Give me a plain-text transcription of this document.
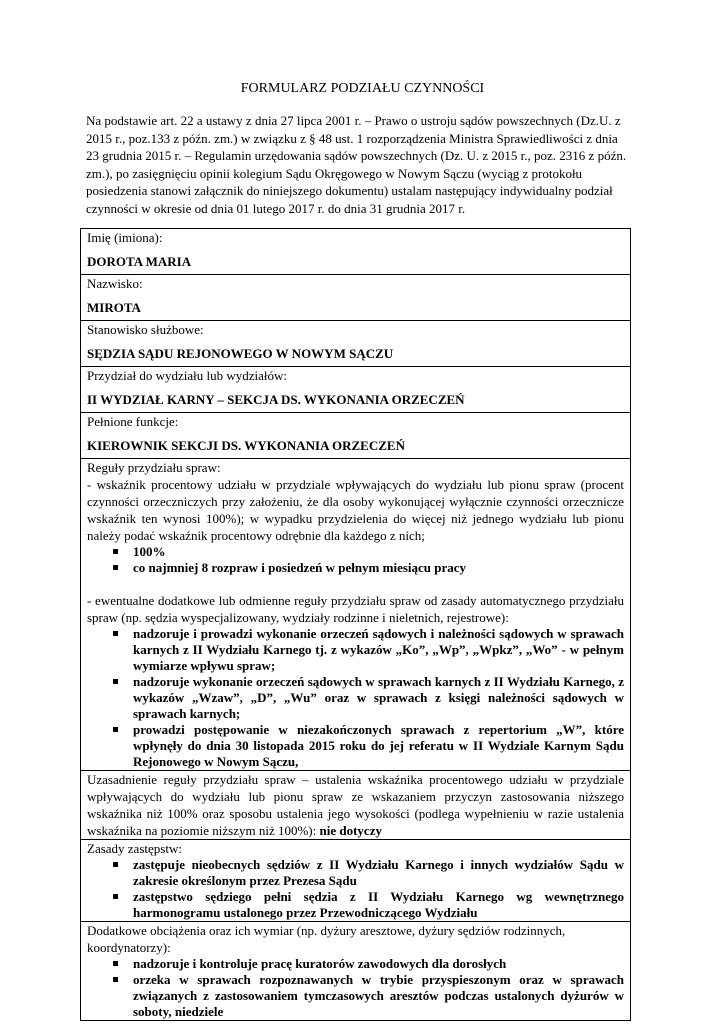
FORMULARZ PODZIAŁU CZYNNOŚCI
Na podstawie art. 22 a ustawy z dnia 27 lipca 2001 r. – Prawo o ustroju sądów powszechnych (Dz.U. z 2015 r., poz.133 z późn. zm.) w związku z § 48 ust. 1 rozporządzenia Ministra Sprawiedliwości z dnia 23 grudnia 2015 r. – Regulamin urzędowania sądów powszechnych (Dz. U. z 2015 r., poz. 2316 z późn. zm.), po zasięgnięciu opinii kolegium Sądu Okręgowego w Nowym Sączu (wyciąg z protokołu posiedzenia stanowi załącznik do niniejszego dokumentu) ustalam następujący indywidualny podział czynności w okresie od dnia 01 lutego 2017 r. do dnia 31 grudnia 2017 r.
Imię (imiona):
DOROTA MARIA

Nazwisko:
MIROTA

Stanowisko służbowe:
SĘDZIA SĄDU REJONOWEGO W NOWYM SĄCZU

Przydział do wydziału lub wydziałów:
II WYDZIAŁ KARNY – SEKCJA DS. WYKONANIA ORZECZEŃ

Pełnione funkcje:
KIEROWNIK SEKCJI DS. WYKONANIA ORZECZEŃ

Reguły przydziału spraw:
- wskaźnik procentowy udziału w przydziale wpływających do wydziału lub pionu spraw (procent czynności orzeczniczych przy założeniu, że dla osoby wykonującej wyłącznie czynności orzecznicze wskaźnik ten wynosi 100%); w wypadku przydzielenia do więcej niż jednego wydziału lub pionu należy podać wskaźnik procentowy odrębnie dla każdego z nich;
100%
co najmniej 8 rozpraw i posiedzeń w pełnym miesiącu pracy
- ewentualne dodatkowe lub odmienne reguły przydziału spraw od zasady automatycznego przydziału spraw (np. sędzia wyspecjalizowany, wydziały rodzinne i nieletnich, rejestrowe):
nadzoruje i prowadzi wykonanie orzeczeń sądowych i należności sądowych w sprawach karnych z II Wydziału Karnego tj. z wykazów „Ko”, „Wp”, „Wpkz”, „Wo” - w pełnym wymiarze wpływu spraw;
nadzoruje wykonanie orzeczeń sądowych w sprawach karnych z II Wydziału Karnego, z wykazów „Wzaw”, „D”, „Wu” oraz w sprawach z księgi należności sądowych w sprawach karnych;
prowadzi postępowanie w niezakończonych sprawach z repertorium „W”, które wpłynęły do dnia 30 listopada 2015 roku do jej referatu w II Wydziale Karnym Sądu Rejonowego w Nowym Sączu,

Uzasadnienie reguły przydziału spraw – ustalenia wskaźnika procentowego udziału w przydziale wpływających do wydziału lub pionu spraw ze wskazaniem przyczyn zastosowania niższego wskaźnika niż 100% oraz sposobu ustalenia jego wysokości (podlega wypełnieniu w razie ustalenia wskaźnika na poziomie niższym niż 100%): nie dotyczy

Zasady zastępstw:
zastępuje nieobecnych sędziów z II Wydziału Karnego i innych wydziałów Sądu w zakresie określonym przez Prezesa Sądu
zastępstwo sędziego pełni sędzia z II Wydziału Karnego wg wewnętrznego harmonogramu ustalonego przez Przewodniczącego Wydziału

Dodatkowe obciążenia oraz ich wymiar (np. dyżury aresztowe, dyżury sędziów rodzinnych, koordynatorzy):
nadzoruje i kontroluje pracę kuratorów zawodowych dla dorosłych
orzeka w sprawach rozpoznawanych w trybie przyspieszonym oraz w sprawach związanych z zastosowaniem tymczasowych aresztów podczas ustalonych dyżurów w soboty, niedziele
